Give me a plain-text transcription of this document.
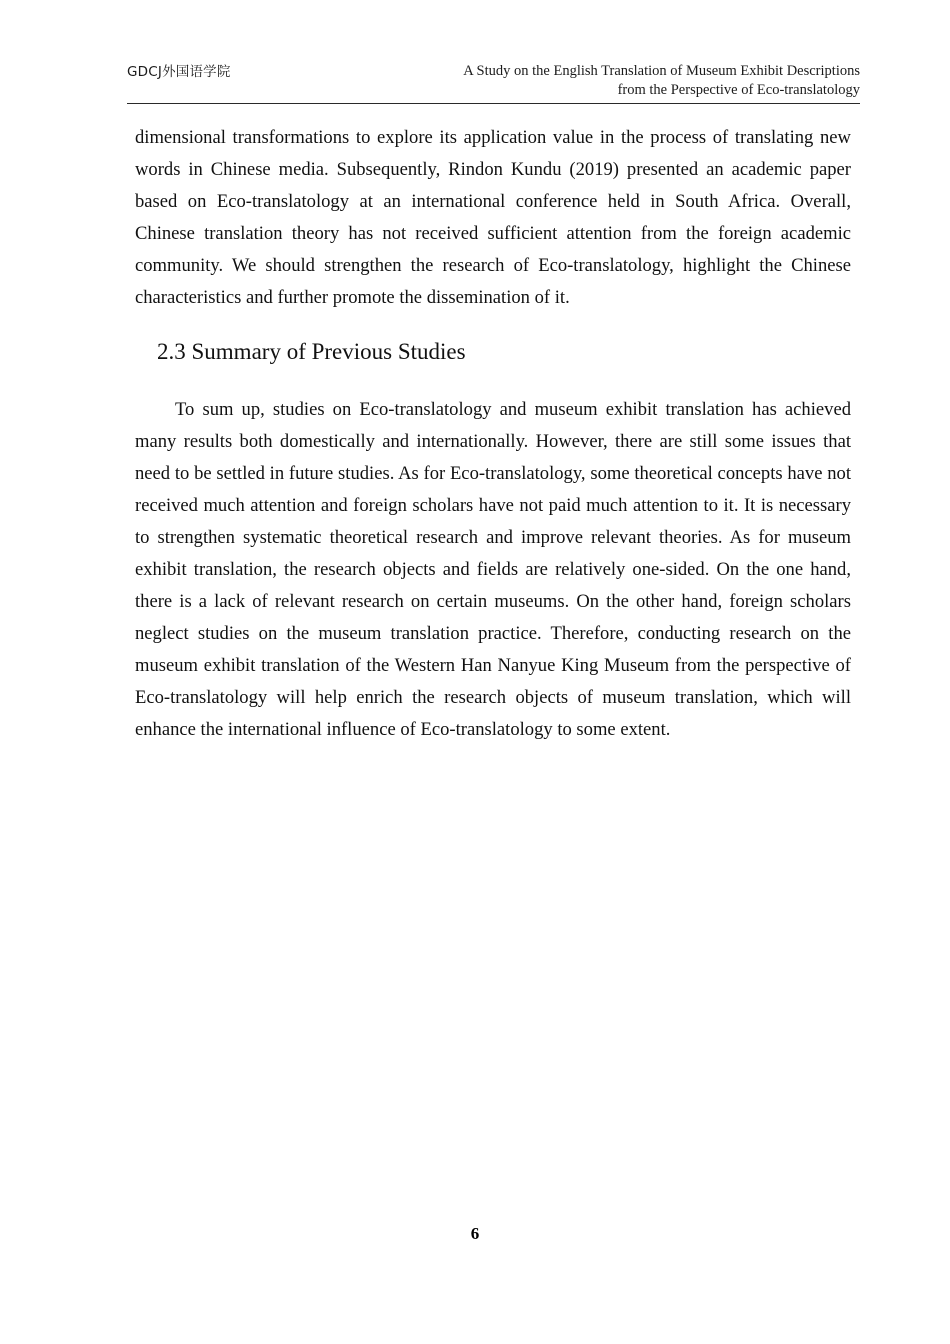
GDCJ外国语学院	A Study on the English Translation of Museum Exhibit Descriptions
from the Perspective of Eco-translatology

dimensional transformations to explore its application value in the process of translating new words in Chinese media. Subsequently, Rindon Kundu (2019) presented an academic paper based on Eco-translatology at an international conference held in South Africa. Overall, Chinese translation theory has not received sufficient attention from the foreign academic community. We should strengthen the research of Eco-translatology, highlight the Chinese characteristics and further promote the dissemination of it.

2.3 Summary of Previous Studies

To sum up, studies on Eco-translatology and museum exhibit translation has achieved many results both domestically and internationally. However, there are still some issues that need to be settled in future studies. As for Eco-translatology, some theoretical concepts have not received much attention and foreign scholars have not paid much attention to it. It is necessary to strengthen systematic theoretical research and improve relevant theories. As for museum exhibit translation, the research objects and fields are relatively one-sided. On the one hand, there is a lack of relevant research on certain museums. On the other hand, foreign scholars neglect studies on the museum translation practice. Therefore, conducting research on the museum exhibit translation of the Western Han Nanyue King Museum from the perspective of Eco-translatology will help enrich the research objects of museum translation, which will enhance the international influence of Eco-translatology to some extent.

6
